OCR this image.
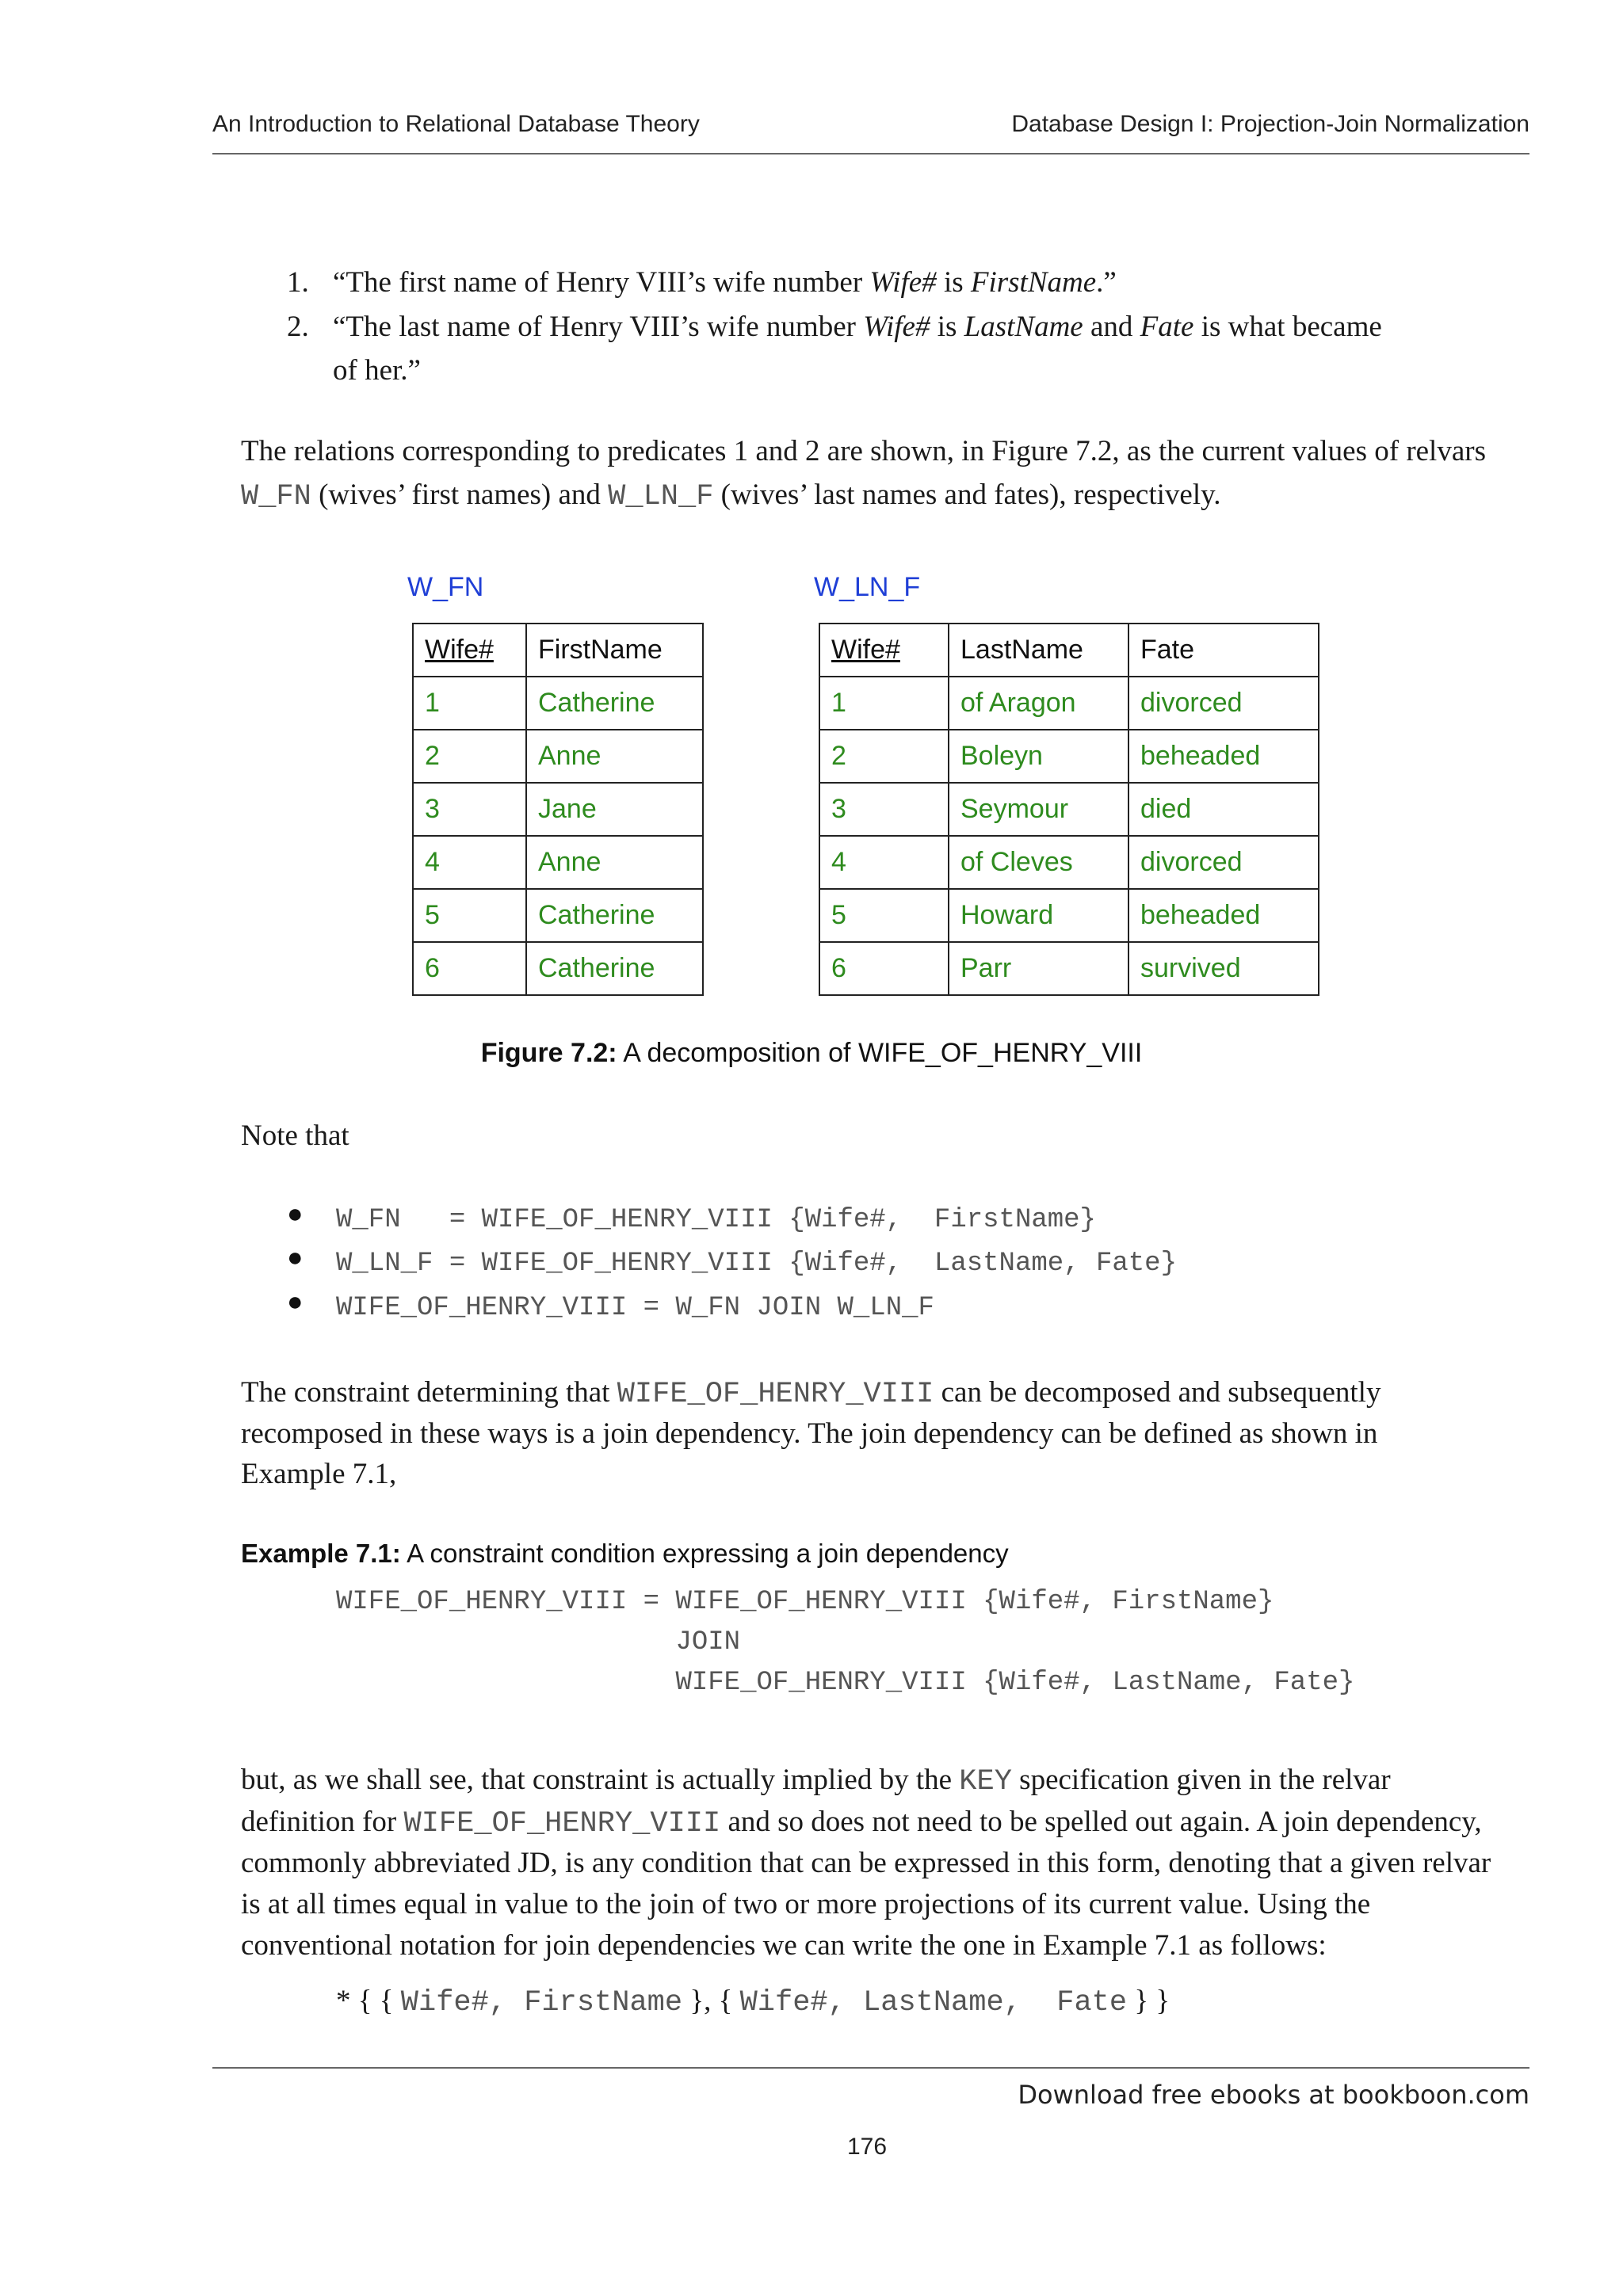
An Introduction to Relational Database Theory	Database Design I: Projection-Join Normalization
1. “The first name of Henry VIII’s wife number Wife# is FirstName.”
2. “The last name of Henry VIII’s wife number Wife# is LastName and Fate is what became
of her.”
The relations corresponding to predicates 1 and 2 are shown, in Figure 7.2, as the current values of relvars
W_FN (wives’ first names) and W_LN_F (wives’ last names and fates), respectively.
W_FN	W_LN_F
Wife#	FirstName
1	Catherine
2	Anne
3	Jane
4	Anne
5	Catherine
6	Catherine
Wife#	LastName	Fate
1	of Aragon	divorced
2	Boleyn	beheaded
3	Seymour	died
4	of Cleves	divorced
5	Howard	beheaded
6	Parr	survived
Figure 7.2: A decomposition of WIFE_OF_HENRY_VIII
Note that
● W_FN   = WIFE_OF_HENRY_VIII {Wife#,  FirstName}
● W_LN_F = WIFE_OF_HENRY_VIII {Wife#,  LastName, Fate}
● WIFE_OF_HENRY_VIII = W_FN JOIN W_LN_F
The constraint determining that WIFE_OF_HENRY_VIII can be decomposed and subsequently
recomposed in these ways is a join dependency. The join dependency can be defined as shown in
Example 7.1,
Example 7.1: A constraint condition expressing a join dependency
WIFE_OF_HENRY_VIII = WIFE_OF_HENRY_VIII {Wife#, FirstName}
JOIN
WIFE_OF_HENRY_VIII {Wife#, LastName, Fate}
but, as we shall see, that constraint is actually implied by the KEY specification given in the relvar
definition for WIFE_OF_HENRY_VIII and so does not need to be spelled out again. A join dependency,
commonly abbreviated JD, is any condition that can be expressed in this form, denoting that a given relvar
is at all times equal in value to the join of two or more projections of its current value. Using the
conventional notation for join dependencies we can write the one in Example 7.1 as follows:
* { { Wife#, FirstName }, { Wife#, LastName,  Fate } }
Download free ebooks at bookboon.com
176
